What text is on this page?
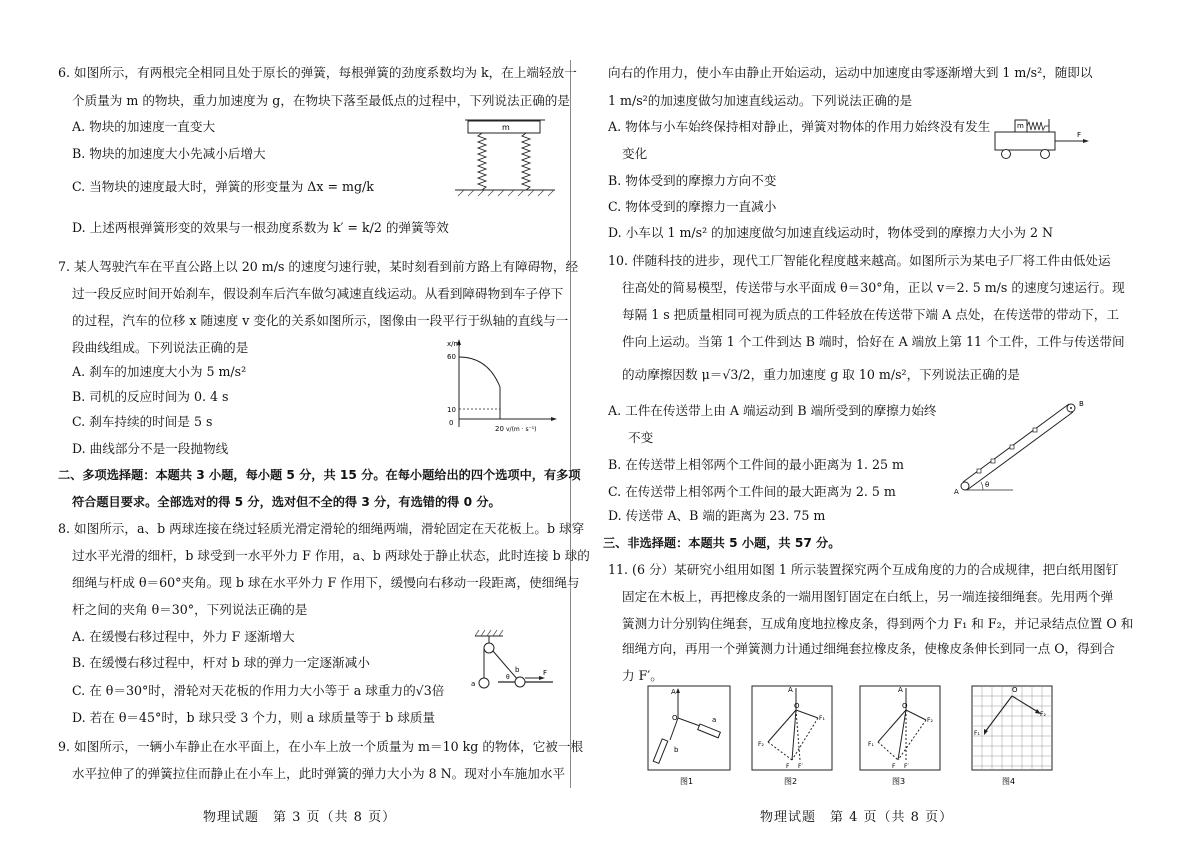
6. 如图所示，有两根完全相同且处于原长的弹簧，每根弹簧的劲度系数均为 k，在上端轻放一
个质量为 m 的物块，重力加速度为 g，在物块下落至最低点的过程中，下列说法正确的是
A. 物块的加速度一直变大
B. 物块的加速度大小先减小后增大
C. 当物块的速度最大时，弹簧的形变量为 Δx = mg/k
D. 上述两根弹簧形变的效果与一根劲度系数为 k′ = k/2 的弹簧等效
m
7. 某人驾驶汽车在平直公路上以 20 m/s 的速度匀速行驶，某时刻看到前方路上有障碍物，经
过一段反应时间开始刹车，假设刹车后汽车做匀减速直线运动。从看到障碍物到车子停下
的过程，汽车的位移 x 随速度 v 变化的关系如图所示，图像由一段平行于纵轴的直线与一
段曲线组成。下列说法正确的是
A. 刹车的加速度大小为 5 m/s²
B. 司机的反应时间为 0. 4 s
C. 刹车持续的时间是 5 s
D. 曲线部分不是一段抛物线
x/m
60
10
0
20 v/(m · s⁻¹)
二、多项选择题：本题共 3 小题，每小题 5 分，共 15 分。在每小题给出的四个选项中，有多项
符合题目要求。全部选对的得 5 分，选对但不全的得 3 分，有选错的得 0 分。
8. 如图所示，a、b 两球连接在绕过轻质光滑定滑轮的细绳两端，滑轮固定在天花板上。b 球穿
过水平光滑的细杆，b 球受到一水平外力 F 作用，a、b 两球处于静止状态，此时连接 b 球的
细绳与杆成 θ＝60°夹角。现 b 球在水平外力 F 作用下，缓慢向右移动一段距离，使细绳与
杆之间的夹角 θ＝30°，下列说法正确的是
A. 在缓慢右移过程中，外力 F 逐渐增大
B. 在缓慢右移过程中，杆对 b 球的弹力一定逐渐减小
C. 在 θ＝30°时，滑轮对天花板的作用力大小等于 a 球重力的√3倍
D. 若在 θ＝45°时，b 球只受 3 个力，则 a 球质量等于 b 球质量
a
b
θ
F
9. 如图所示，一辆小车静止在水平面上，在小车上放一个质量为 m＝10 kg 的物体，它被一根
水平拉伸了的弹簧拉住而静止在小车上，此时弹簧的弹力大小为 8 N。现对小车施加水平
物理试题　第 3 页（共 8 页）
向右的作用力，使小车由静止开始运动，运动中加速度由零逐渐增大到 1 m/s²，随即以
1 m/s²的加速度做匀加速直线运动。下列说法正确的是
A. 物体与小车始终保持相对静止，弹簧对物体的作用力始终没有发生
变化
B. 物体受到的摩擦力方向不变
C. 物体受到的摩擦力一直减小
D. 小车以 1 m/s² 的加速度做匀加速直线运动时，物体受到的摩擦力大小为 2 N
m
F
10. 伴随科技的进步，现代工厂智能化程度越来越高。如图所示为某电子厂将工件由低处运
往高处的简易模型，传送带与水平面成 θ＝30°角，正以 v＝2. 5 m/s 的速度匀速运行。现
每隔 1 s 把质量相同可视为质点的工件轻放在传送带下端 A 点处，在传送带的带动下，工
件向上运动。当第 1 个工件到达 B 端时，恰好在 A 端放上第 11 个工件，工件与传送带间
的动摩擦因数 μ＝√3/2，重力加速度 g 取 10 m/s²，下列说法正确的是
A. 工件在传送带上由 A 端运动到 B 端所受到的摩擦力始终
不变
B. 在传送带上相邻两个工件间的最小距离为 1. 25 m
C. 在传送带上相邻两个工件间的最大距离为 2. 5 m
D. 传送带 A、B 端的距离为 23. 75 m
θ
A
B
三、非选择题：本题共 5 小题，共 57 分。
11. (6 分）某研究小组用如图 1 所示装置探究两个互成角度的力的合成规律，把白纸用图钉
固定在木板上，再把橡皮条的一端用图钉固定在白纸上，另一端连接细绳套。先用两个弹
簧测力计分别钩住绳套，互成角度地拉橡皮条，得到两个力 F₁ 和 F₂，并记录结点位置 O 和
细绳方向，再用一个弹簧测力计通过细绳套拉橡皮条，使橡皮条伸长到同一点 O，得到合
力 F′。
A
O	a
b
图1
A
O
F₁
F₂
F F′
图2
A
O
F₂
F₁
F F′
图3
O
F₁
F₂
图4
物理试题　第 4 页（共 8 页）
